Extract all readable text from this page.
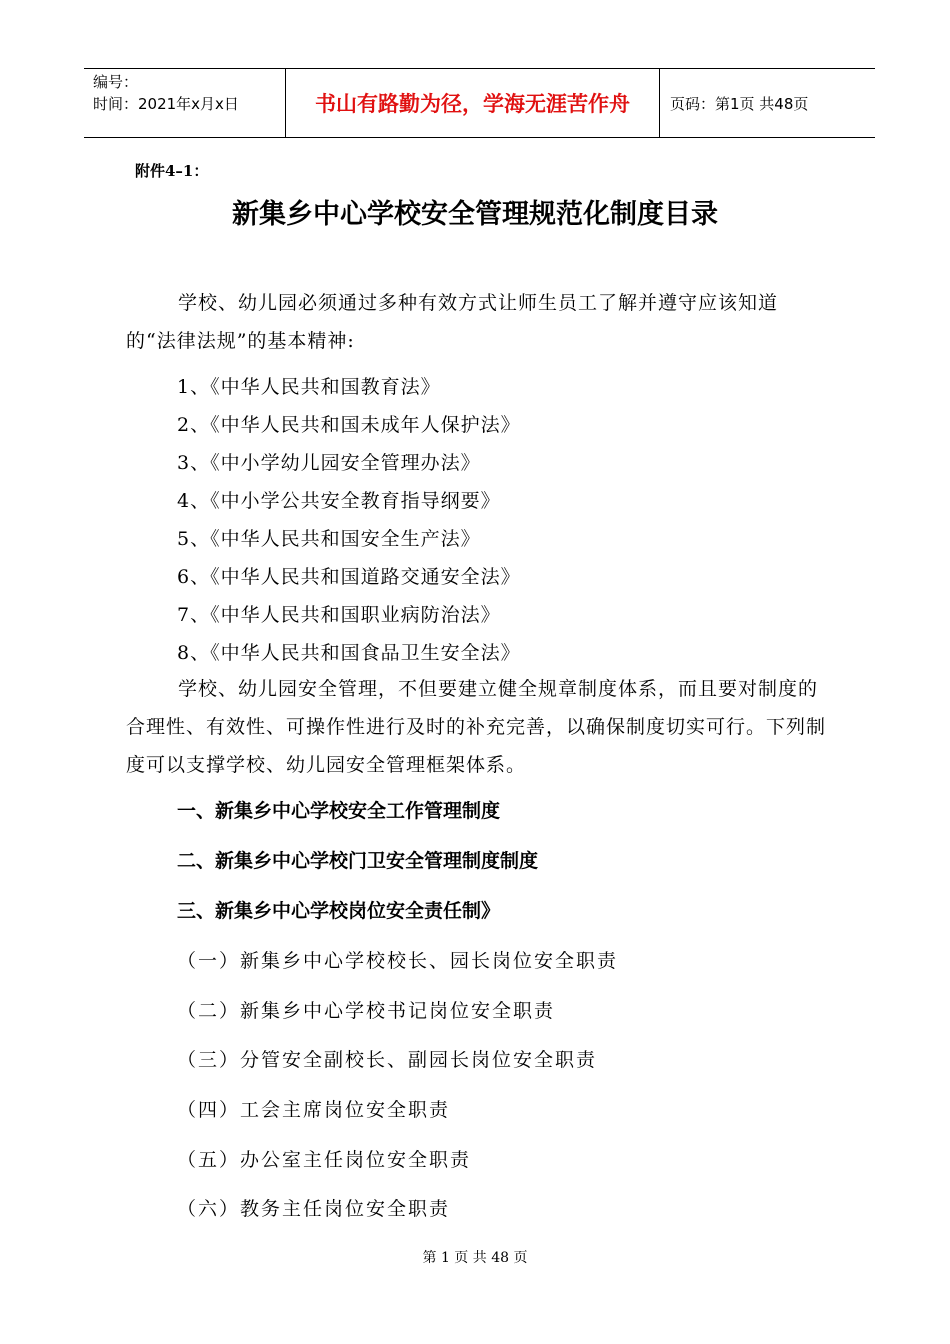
编号：
时间：2021年x月x日	书山有路勤为径，学海无涯苦作舟	页码：第1页 共48页
附件4–1：
新集乡中心学校安全管理规范化制度目录
学校、幼儿园必须通过多种有效方式让师生员工了解并遵守应该知道的“法律法规”的基本精神:
1、《中华人民共和国教育法》
2、《中华人民共和国未成年人保护法》
3、《中小学幼儿园安全管理办法》
4、《中小学公共安全教育指导纲要》
5、《中华人民共和国安全生产法》
6、《中华人民共和国道路交通安全法》
7、《中华人民共和国职业病防治法》
8、《中华人民共和国食品卫生安全法》
学校、幼儿园安全管理，不但要建立健全规章制度体系，而且要对制度的合理性、有效性、可操作性进行及时的补充完善，以确保制度切实可行。下列制度可以支撑学校、幼儿园安全管理框架体系。
一、新集乡中心学校安全工作管理制度
二、新集乡中心学校门卫安全管理制度制度
三、新集乡中心学校岗位安全责任制》
（一）新集乡中心学校校长、园长岗位安全职责
（二）新集乡中心学校书记岗位安全职责
（三）分管安全副校长、副园长岗位安全职责
（四）工会主席岗位安全职责
（五）办公室主任岗位安全职责
（六）教务主任岗位安全职责
第 1 页 共 48 页
